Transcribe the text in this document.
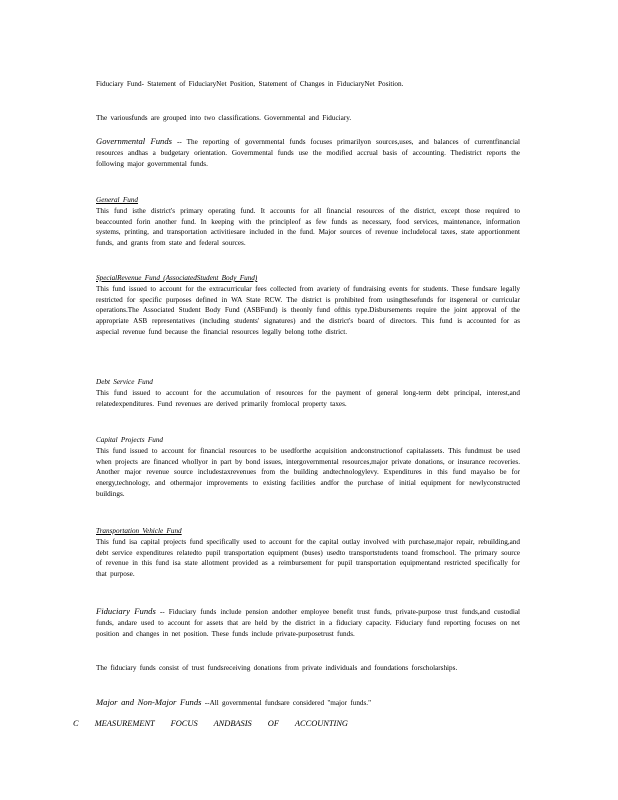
Fiduciary Fund- Statement of FiduciaryNet Position, Statement of Changes in FiduciaryNet Position.
The variousfunds are grouped into two classifications. Governmental and Fiduciary.
Governmental Funds -- The reporting of governmental funds focuses primarilyon sources,uses, and balances of currentfinancial resources andhas a budgetary orientation. Governmental funds use the modified accrual basis of accounting. Thedistrict reports the following major governmental funds.
General Fund
This fund isthe district's primary operating fund. It accounts for all financial resources of the district, except those required to beaccounted forin another fund. In keeping with the principleof as few funds as necessary, food services, maintenance, information systems, printing, and transportation activitiesare included in the fund. Major sources of revenue includelocal taxes, state apportionment funds, and grants from state and federal sources.
SpecialRevenue Fund (AssociatedStudent Body Fund)
This fund issued to account for the extracurricular fees collected from avariety of fundraising events for students. These fundsare legally restricted for specific purposes defined in WA State RCW. The district is prohibited from usingthesefunds for itsgeneral or curricular operations.The Associated Student Body Fund (ASBFund) is theonly fund ofthis type.Disbursements require the joint approval of the appropriate ASB representatives (including students' signatures) and the district's board of directors. This fund is accounted for as aspecial revenue fund because the financial resources legally belong tothe district.
Debt Service Fund
This fund issued to account for the accumulation of resources for the payment of general long-term debt principal, interest,and relatedexpenditures. Fund revenues are derived primarily fromlocal property taxes.
Capital Projects Fund
This fund issued to account for financial resources to be usedforthe acquisition andconstructionof capitalassets. This fundmust be used when projects are financed whollyor in part by bond issues, intergovernmental resources,major private donations, or insurance recoveries. Another major revenue source includestaxrevenues from the building andtechnologylevy. Expenditures in this fund mayalso be for energy,technology, and othermajor improvements to existing facilities andfor the purchase of initial equipment for newlyconstructed buildings.
Transportation Vehicle Fund
This fund isa capital projects fund specifically used to account for the capital outlay involved with purchase,major repair, rebuilding,and debt service expenditures relatedto pupil transportation equipment (buses) usedto transportstudents toand fromschool. The primary source of revenue in this fund isa state allotment provided as a reimbursement for pupil transportation equipmentand restricted specifically for that purpose.
Fiduciary Funds -- Fiduciary funds include pension andother employee benefit trust funds, private-purpose trust funds,and custodial funds, andare used to account for assets that are held by the district in a fiduciary capacity. Fiduciary fund reporting focuses on net position and changes in net position. These funds include private-purposetrust funds.
The fiduciary funds consist of trust fundsreceiving donations from private individuals and foundations forscholarships.
Major and Non-Major Funds --All governmental fundsare considered "major funds."
C MEASUREMENT FOCUS ANDBASIS OF ACCOUNTING
